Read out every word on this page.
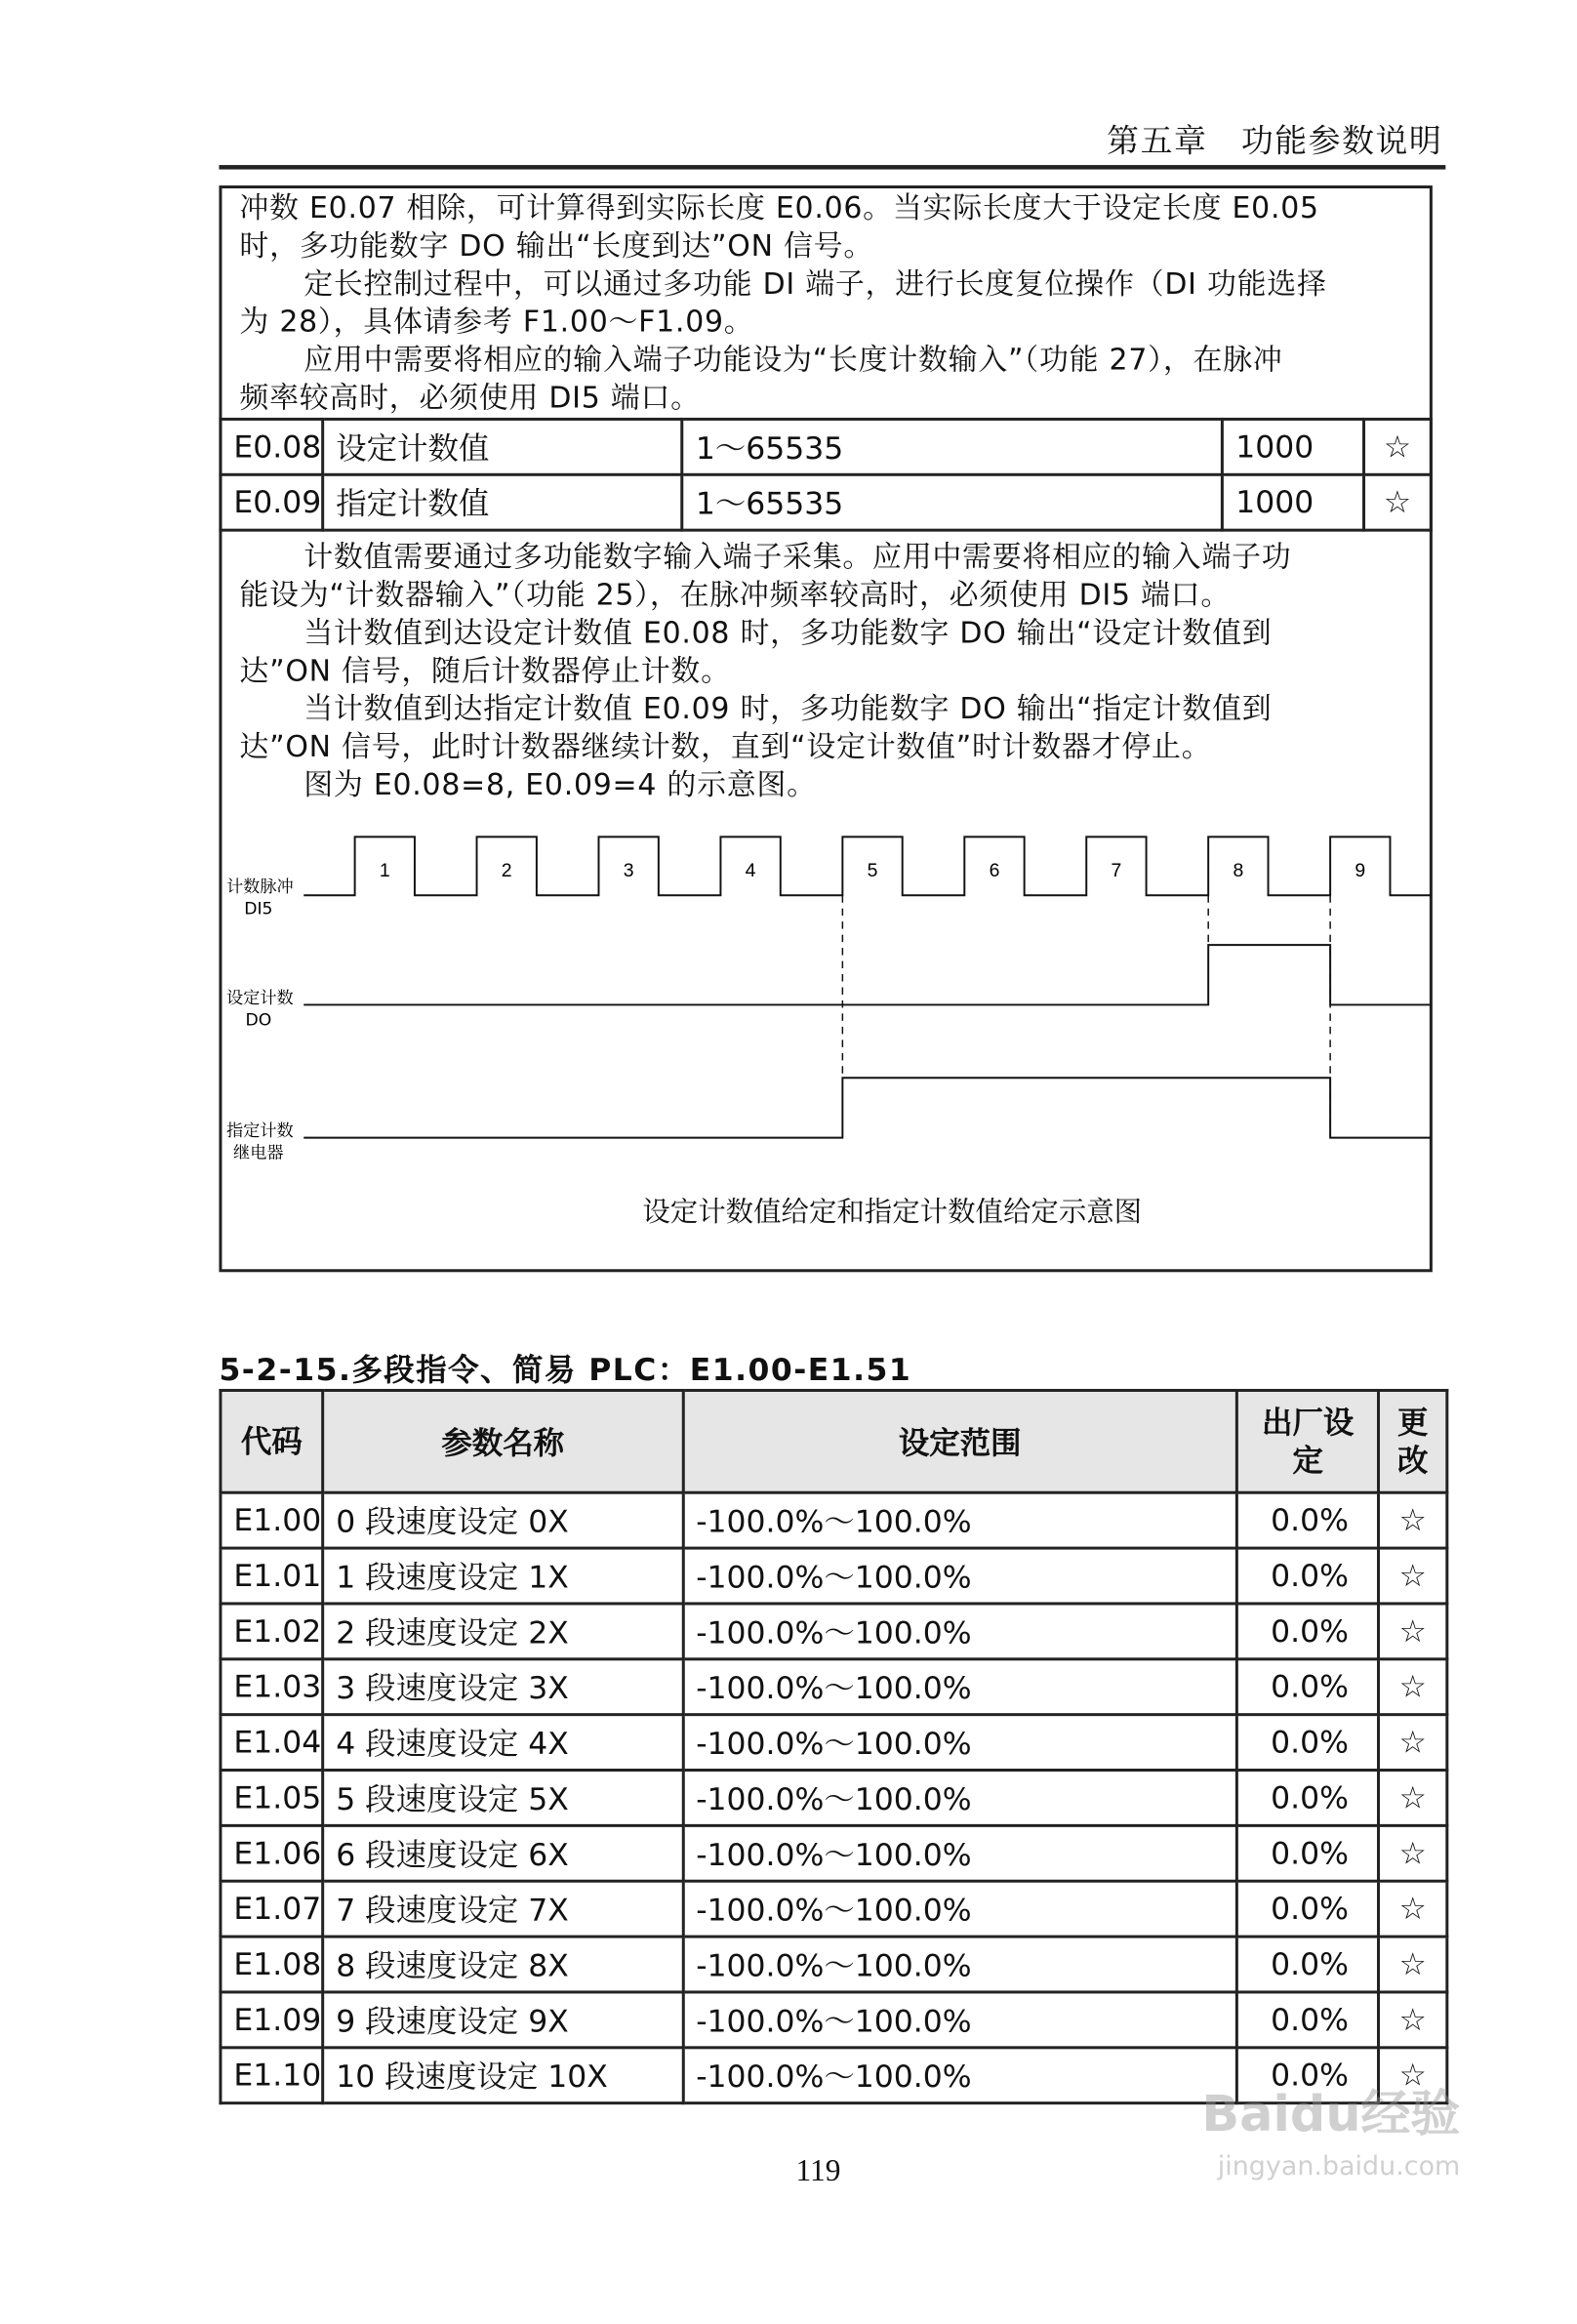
第五章　功能参数说明
冲数 E0.07 相除，可计算得到实际长度 E0.06。当实际长度大于设定长度 E0.05
时，多功能数字 DO 输出“长度到达”ON 信号。
定长控制过程中，可以通过多功能 DI 端子，进行长度复位操作（DI 功能选择
为 28），具体请参考 F1.00～F1.09。
应用中需要将相应的输入端子功能设为“长度计数输入”（功能 27），在脉冲
频率较高时，必须使用 DI5 端口。
E0.08	设定计数值	1～65535	1000	☆
E0.09	指定计数值	1～65535	1000	☆
计数值需要通过多功能数字输入端子采集。应用中需要将相应的输入端子功
能设为“计数器输入”（功能 25），在脉冲频率较高时，必须使用 DI5 端口。
当计数值到达设定计数值 E0.08 时，多功能数字 DO 输出“设定计数值到
达”ON 信号，随后计数器停止计数。
当计数值到达指定计数值 E0.09 时，多功能数字 DO 输出“指定计数值到
达”ON 信号，此时计数器继续计数，直到“设定计数值”时计数器才停止。
图为 E0.08=8, E0.09=4 的示意图。
1	2	3	4	5	6	7	8	9
计数脉冲
DI5
设定计数
DO
指定计数
继电器
设定计数值给定和指定计数值给定示意图
5-2-15.多段指令、简易 PLC：E1.00-E1.51
代码	参数名称	设定范围	出厂设定	更改
E1.00	0 段速度设定 0X	-100.0%～100.0%	0.0%	☆
E1.01	1 段速度设定 1X	-100.0%～100.0%	0.0%	☆
E1.02	2 段速度设定 2X	-100.0%～100.0%	0.0%	☆
E1.03	3 段速度设定 3X	-100.0%～100.0%	0.0%	☆
E1.04	4 段速度设定 4X	-100.0%～100.0%	0.0%	☆
E1.05	5 段速度设定 5X	-100.0%～100.0%	0.0%	☆
E1.06	6 段速度设定 6X	-100.0%～100.0%	0.0%	☆
E1.07	7 段速度设定 7X	-100.0%～100.0%	0.0%	☆
E1.08	8 段速度设定 8X	-100.0%～100.0%	0.0%	☆
E1.09	9 段速度设定 9X	-100.0%～100.0%	0.0%	☆
E1.10	10 段速度设定 10X	-100.0%～100.0%	0.0%	☆
119
Baidu经验
jingyan.baidu.com
